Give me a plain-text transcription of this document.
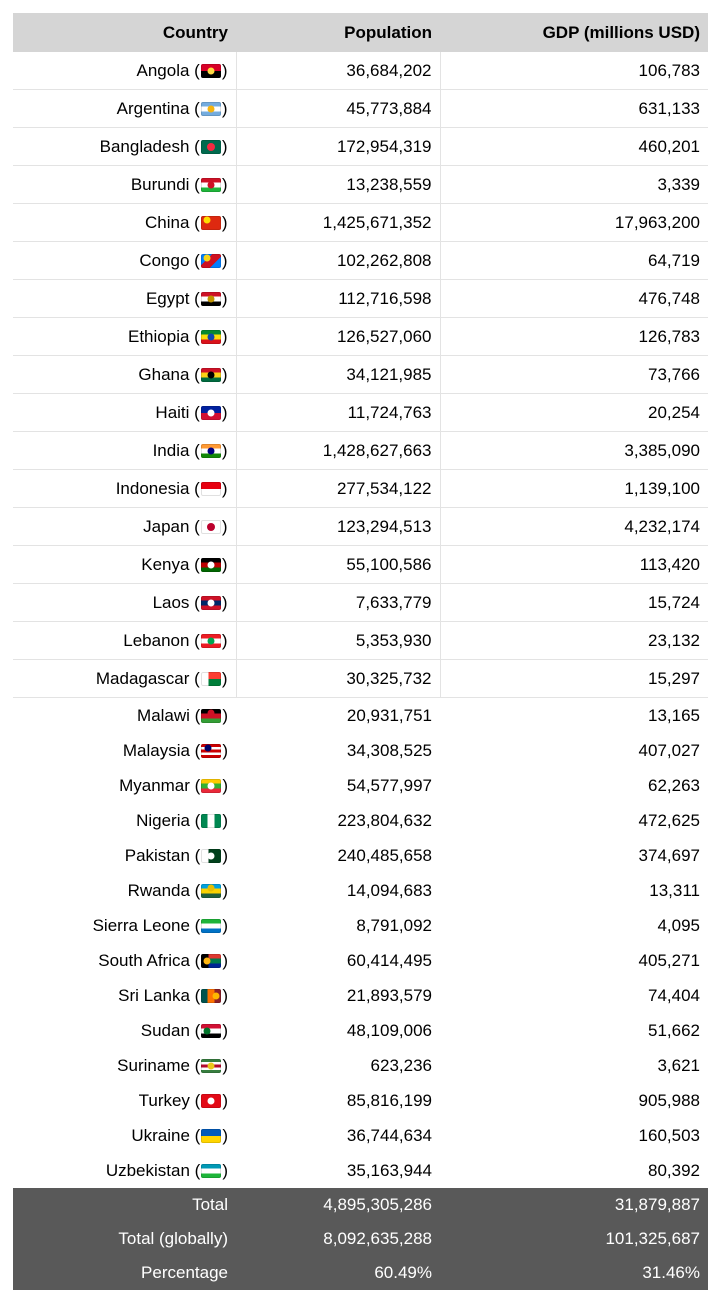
Country	Population	GDP (millions USD)
Angola ( )	36,684,202	106,783
Argentina ( )	45,773,884	631,133
Bangladesh ( )	172,954,319	460,201
Burundi ( )	13,238,559	3,339
China ( )	1,425,671,352	17,963,200
Congo ( )	102,262,808	64,719
Egypt ( )	112,716,598	476,748
Ethiopia ( )	126,527,060	126,783
Ghana ( )	34,121,985	73,766
Haiti ( )	11,724,763	20,254
India ( )	1,428,627,663	3,385,090
Indonesia ( )	277,534,122	1,139,100
Japan ( )	123,294,513	4,232,174
Kenya ( )	55,100,586	113,420
Laos ( )	7,633,779	15,724
Lebanon ( )	5,353,930	23,132
Madagascar ( )	30,325,732	15,297
Malawi ( )	20,931,751	13,165
Malaysia ( )	34,308,525	407,027
Myanmar ( )	54,577,997	62,263
Nigeria ( )	223,804,632	472,625
Pakistan ( )	240,485,658	374,697
Rwanda ( )	14,094,683	13,311
Sierra Leone ( )	8,791,092	4,095
South Africa ( )	60,414,495	405,271
Sri Lanka ( )	21,893,579	74,404
Sudan ( )	48,109,006	51,662
Suriname ( )	623,236	3,621
Turkey ( )	85,816,199	905,988
Ukraine ( )	36,744,634	160,503
Uzbekistan ( )	35,163,944	80,392
Total	4,895,305,286	31,879,887
Total (globally)	8,092,635,288	101,325,687
Percentage	60.49%	31.46%
